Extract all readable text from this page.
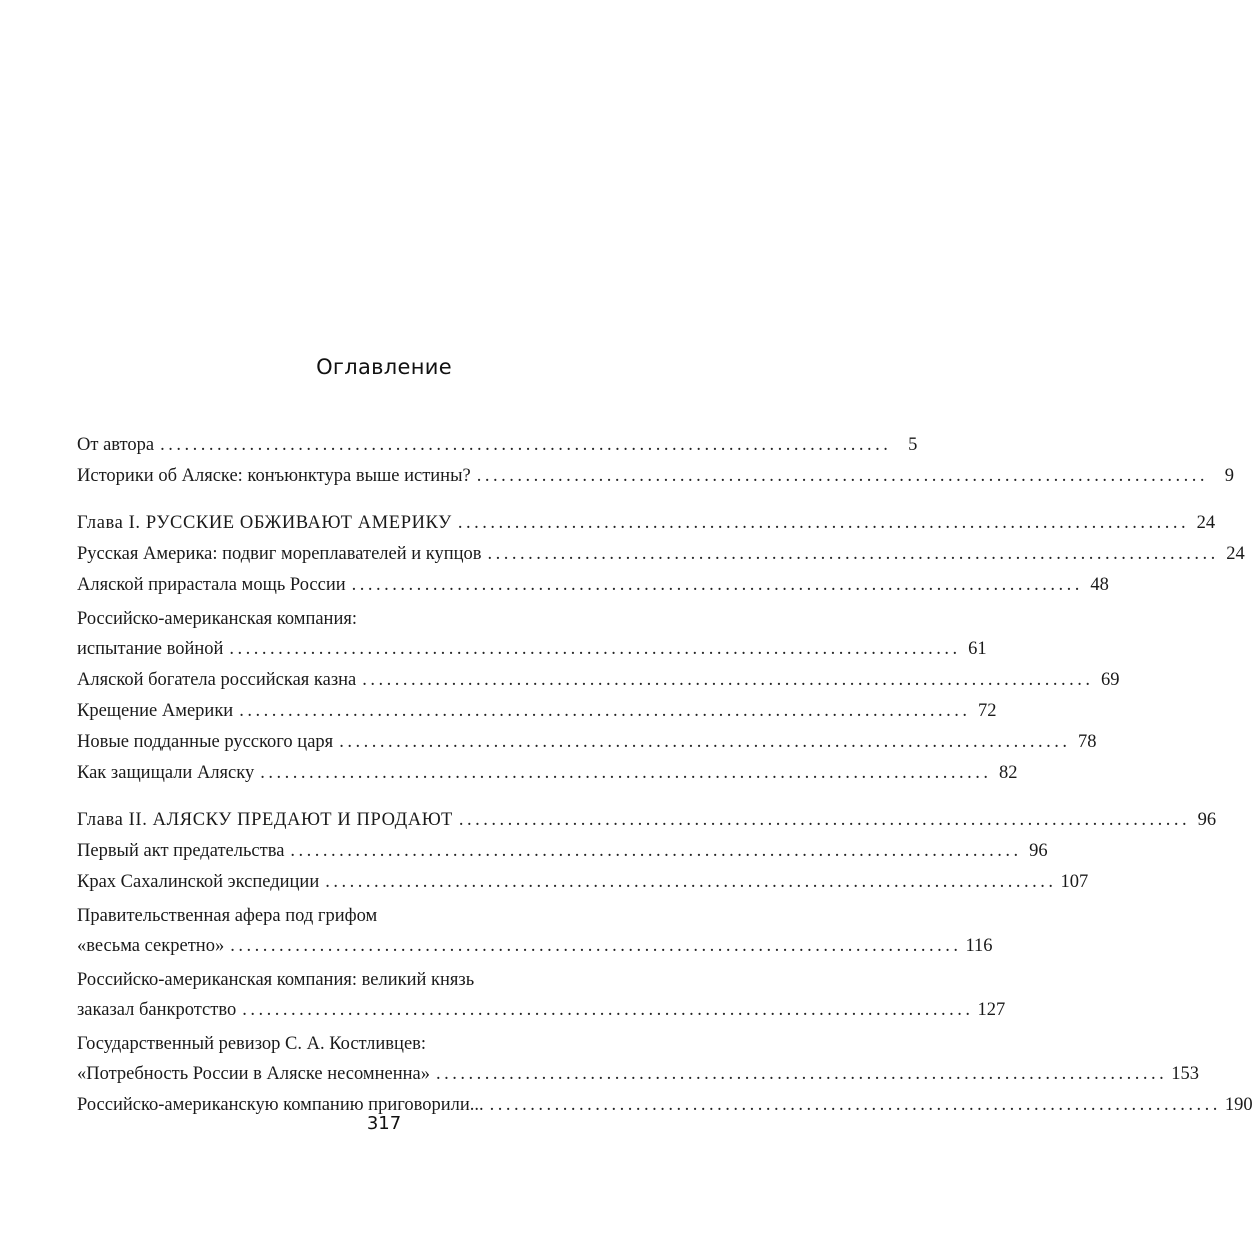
Оглавление
От автора .......................................................................................... 5
Историки об Аляске: конъюнктура выше истины? .......................................................................................... 9
Глава I. РУССКИЕ ОБЖИВАЮТ АМЕРИКУ .......................................................................................... 24
Русская Америка: подвиг мореплавателей и купцов .......................................................................................... 24
Аляской прирастала мощь России .......................................................................................... 48
Российско-американская компания:
испытание войной .......................................................................................... 61
Аляской богатела российская казна .......................................................................................... 69
Крещение Америки .......................................................................................... 72
Новые подданные русского царя .......................................................................................... 78
Как защищали Аляску .......................................................................................... 82
Глава II. АЛЯСКУ ПРЕДАЮТ И ПРОДАЮТ .......................................................................................... 96
Первый акт предательства .......................................................................................... 96
Крах Сахалинской экспедиции .......................................................................................... 107
Правительственная афера под грифом
«весьма секретно» .......................................................................................... 116
Российско-американская компания: великий князь
заказал банкротство .......................................................................................... 127
Государственный ревизор С. А. Костливцев:
«Потребность России в Аляске несомненна» .......................................................................................... 153
Российско-американскую компанию приговорили... .......................................................................................... 190
317
